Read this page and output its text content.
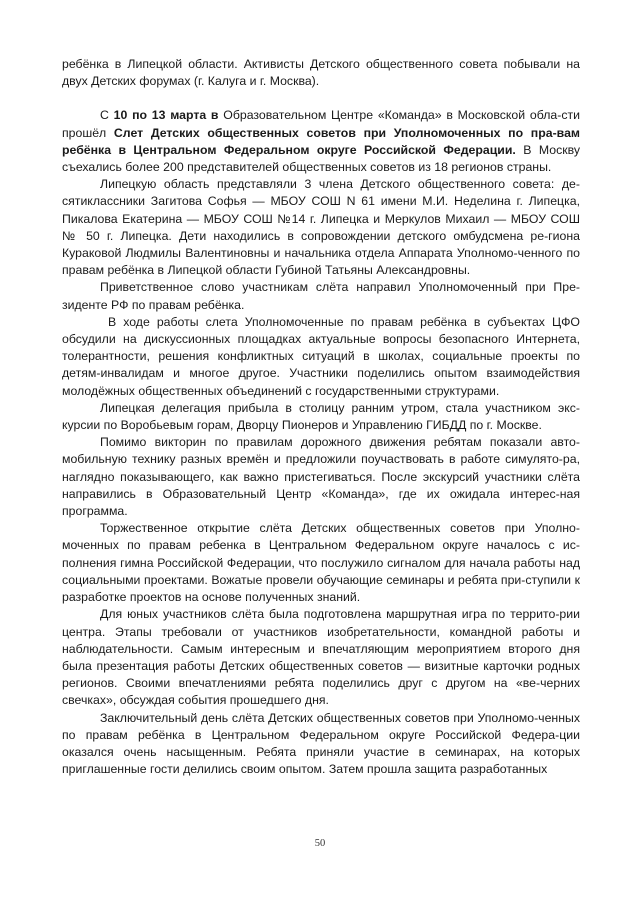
ребёнка в Липецкой области. Активисты Детского общественного совета побывали на двух Детских форумах (г. Калуга и г. Москва).

С 10 по 13 марта в Образовательном Центре «Команда» в Московской обла-сти прошёл Слет Детских общественных советов при Уполномоченных по пра-вам ребёнка в Центральном Федеральном округе Российской Федерации. В Москву съехались более 200 представителей общественных советов из 18 регионов страны.

Липецкую область представляли 3 члена Детского общественного совета: де-сятиклассники Загитова Софья — МБОУ СОШ N 61 имени М.И. Неделина г. Липецка, Пикалова Екатерина — МБОУ СОШ №14 г. Липецка и Меркулов Михаил — МБОУ СОШ № 50 г. Липецка. Дети находились в сопровождении детского омбудсмена ре-гиона Кураковой Людмилы Валентиновны и начальника отдела Аппарата Уполномо-ченного по правам ребёнка в Липецкой области Губиной Татьяны Александровны.

Приветственное слово участникам слёта направил Уполномоченный при Пре-зиденте РФ по правам ребёнка.

В ходе работы слета Уполномоченные по правам ребёнка в субъектах ЦФО обсудили на дискуссионных площадках актуальные вопросы безопасного Интернета, толерантности, решения конфликтных ситуаций в школах, социальные проекты по детям-инвалидам и многое другое. Участники поделились опытом взаимодействия молодёжных общественных объединений с государственными структурами.

Липецкая делегация прибыла в столицу ранним утром, стала участником экс-курсии по Воробьевым горам, Дворцу Пионеров и Управлению ГИБДД по г. Москве.

Помимо викторин по правилам дорожного движения ребятам показали авто-мобильную технику разных времён и предложили поучаствовать в работе симулято-ра, наглядно показывающего, как важно пристегиваться. После экскурсий участники слёта направились в Образовательный Центр «Команда», где их ожидала интерес-ная программа.

Торжественное открытие слёта Детских общественных советов при Уполно-моченных по правам ребенка в Центральном Федеральном округе началось с ис-полнения гимна Российской Федерации, что послужило сигналом для начала работы над социальными проектами. Вожатые провели обучающие семинары и ребята при-ступили к разработке проектов на основе полученных знаний.

Для юных участников слёта была подготовлена маршрутная игра по террито-рии центра. Этапы требовали от участников изобретательности, командной работы и наблюдательности. Самым интересным и впечатляющим мероприятием второго дня была презентация работы Детских общественных советов — визитные карточки родных регионов. Своими впечатлениями ребята поделились друг с другом на «ве-черних свечках», обсуждая события прошедшего дня.

Заключительный день слёта Детских общественных советов при Уполномо-ченных по правам ребёнка в Центральном Федеральном округе Российской Федера-ции оказался очень насыщенным. Ребята приняли участие в семинарах, на которых приглашенные гости делились своим опытом. Затем прошла защита разработанных

50
